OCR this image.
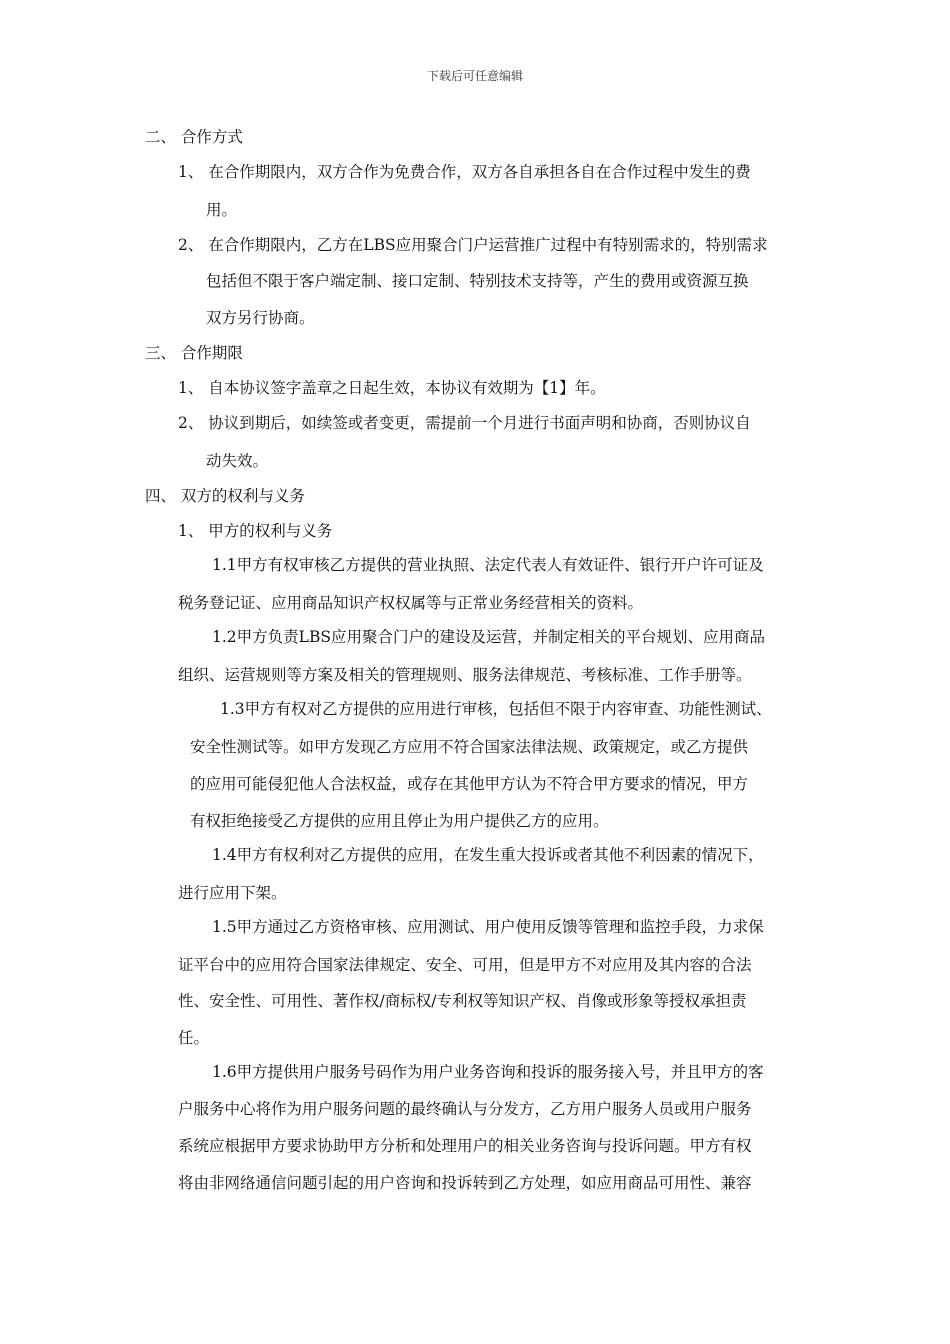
下载后可任意编辑
二、 合作方式
1、 在合作期限内，双方合作为免费合作，双方各自承担各自在合作过程中发生的费
用。
2、 在合作期限内，乙方在LBS应用聚合门户运营推广过程中有特别需求的，特别需求
包括但不限于客户端定制、接口定制、特别技术支持等，产生的费用或资源互换
双方另行协商。
三、 合作期限
1、 自本协议签字盖章之日起生效，本协议有效期为【1】年。
2、 协议到期后，如续签或者变更，需提前一个月进行书面声明和协商，否则协议自
动失效。
四、 双方的权利与义务
1、 甲方的权利与义务
1.1甲方有权审核乙方提供的营业执照、法定代表人有效证件、银行开户许可证及
税务登记证、应用商品知识产权权属等与正常业务经营相关的资料。
1.2甲方负责LBS应用聚合门户的建设及运营，并制定相关的平台规划、应用商品
组织、运营规则等方案及相关的管理规则、服务法律规范、考核标准、工作手册等。
1.3甲方有权对乙方提供的应用进行审核，包括但不限于内容审查、功能性测试、
安全性测试等。如甲方发现乙方应用不符合国家法律法规、政策规定，或乙方提供
的应用可能侵犯他人合法权益，或存在其他甲方认为不符合甲方要求的情况，甲方
有权拒绝接受乙方提供的应用且停止为用户提供乙方的应用。
1.4甲方有权利对乙方提供的应用，在发生重大投诉或者其他不利因素的情况下，
进行应用下架。
1.5甲方通过乙方资格审核、应用测试、用户使用反馈等管理和监控手段，力求保
证平台中的应用符合国家法律规定、安全、可用，但是甲方不对应用及其内容的合法
性、安全性、可用性、著作权/商标权/专利权等知识产权、肖像或形象等授权承担责
任。
1.6甲方提供用户服务号码作为用户业务咨询和投诉的服务接入号，并且甲方的客
户服务中心将作为用户服务问题的最终确认与分发方，乙方用户服务人员或用户服务
系统应根据甲方要求协助甲方分析和处理用户的相关业务咨询与投诉问题。甲方有权
将由非网络通信问题引起的用户咨询和投诉转到乙方处理，如应用商品可用性、兼容
